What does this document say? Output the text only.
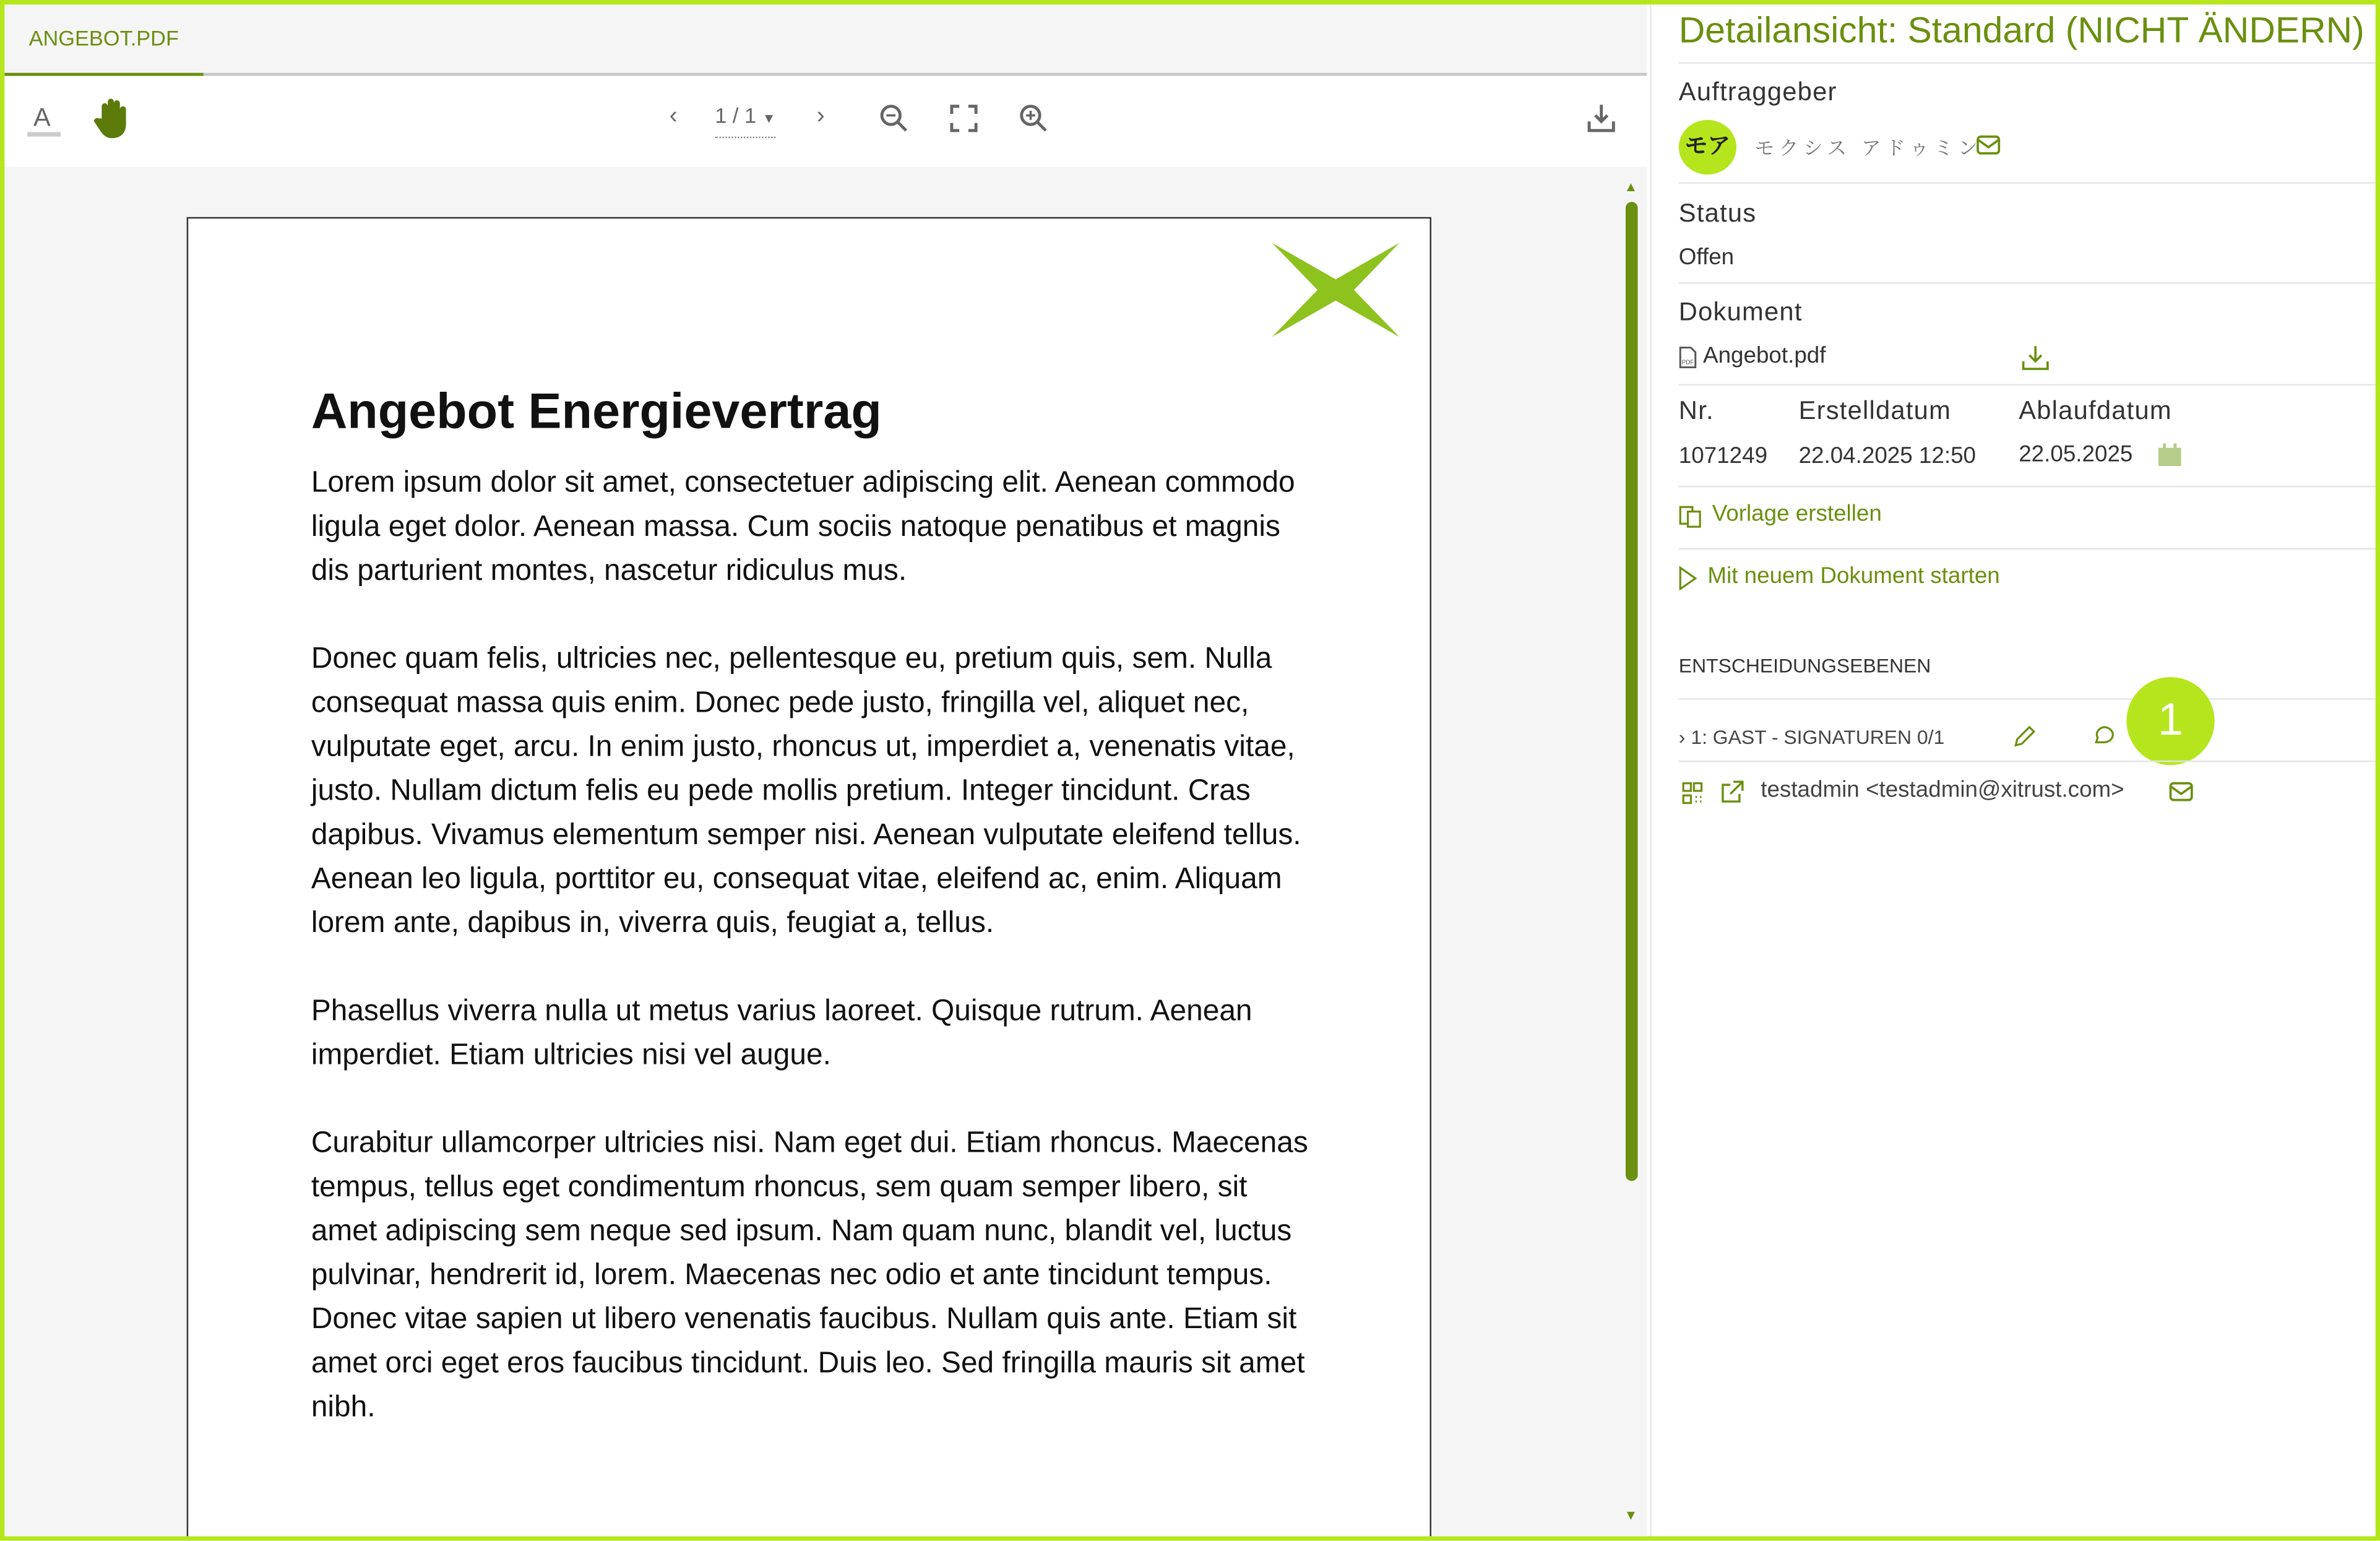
ANGEBOT.PDF
A	‹	1 / 1 ▼	›
Angebot Energievertrag

Lorem ipsum dolor sit amet, consectetuer adipiscing elit. Aenean commodo ligula eget dolor. Aenean massa. Cum sociis natoque penatibus et magnis dis parturient montes, nascetur ridiculus mus.

Donec quam felis, ultricies nec, pellentesque eu, pretium quis, sem. Nulla consequat massa quis enim. Donec pede justo, fringilla vel, aliquet nec, vulputate eget, arcu. In enim justo, rhoncus ut, imperdiet a, venenatis vitae, justo. Nullam dictum felis eu pede mollis pretium. Integer tincidunt. Cras dapibus. Vivamus elementum semper nisi. Aenean vulputate eleifend tellus. Aenean leo ligula, porttitor eu, consequat vitae, eleifend ac, enim. Aliquam lorem ante, dapibus in, viverra quis, feugiat a, tellus.

Phasellus viverra nulla ut metus varius laoreet. Quisque rutrum. Aenean imperdiet. Etiam ultricies nisi vel augue.

Curabitur ullamcorper ultricies nisi. Nam eget dui. Etiam rhoncus. Maecenas tempus, tellus eget condimentum rhoncus, sem quam semper libero, sit amet adipiscing sem neque sed ipsum. Nam quam nunc, blandit vel, luctus pulvinar, hendrerit id, lorem. Maecenas nec odio et ante tincidunt tempus. Donec vitae sapien ut libero venenatis faucibus. Nullam quis ante. Etiam sit amet orci eget eros faucibus tincidunt. Duis leo. Sed fringilla mauris sit amet nibh.

▲
▼
Detailansicht: Standard (NICHT ÄNDERN)
Auftraggeber
モア	モクシス アドゥミン
Status
Offen
Dokument
PDF Angebot.pdf
Nr.	Erstelldatum	Ablaufdatum
1071249	22.04.2025 12:50	22.05.2025
Vorlage erstellen
Mit neuem Dokument starten
ENTSCHEIDUNGSEBENEN
› 1: GAST - SIGNATUREN 0/1	1
testadmin <testadmin@xitrust.com>
